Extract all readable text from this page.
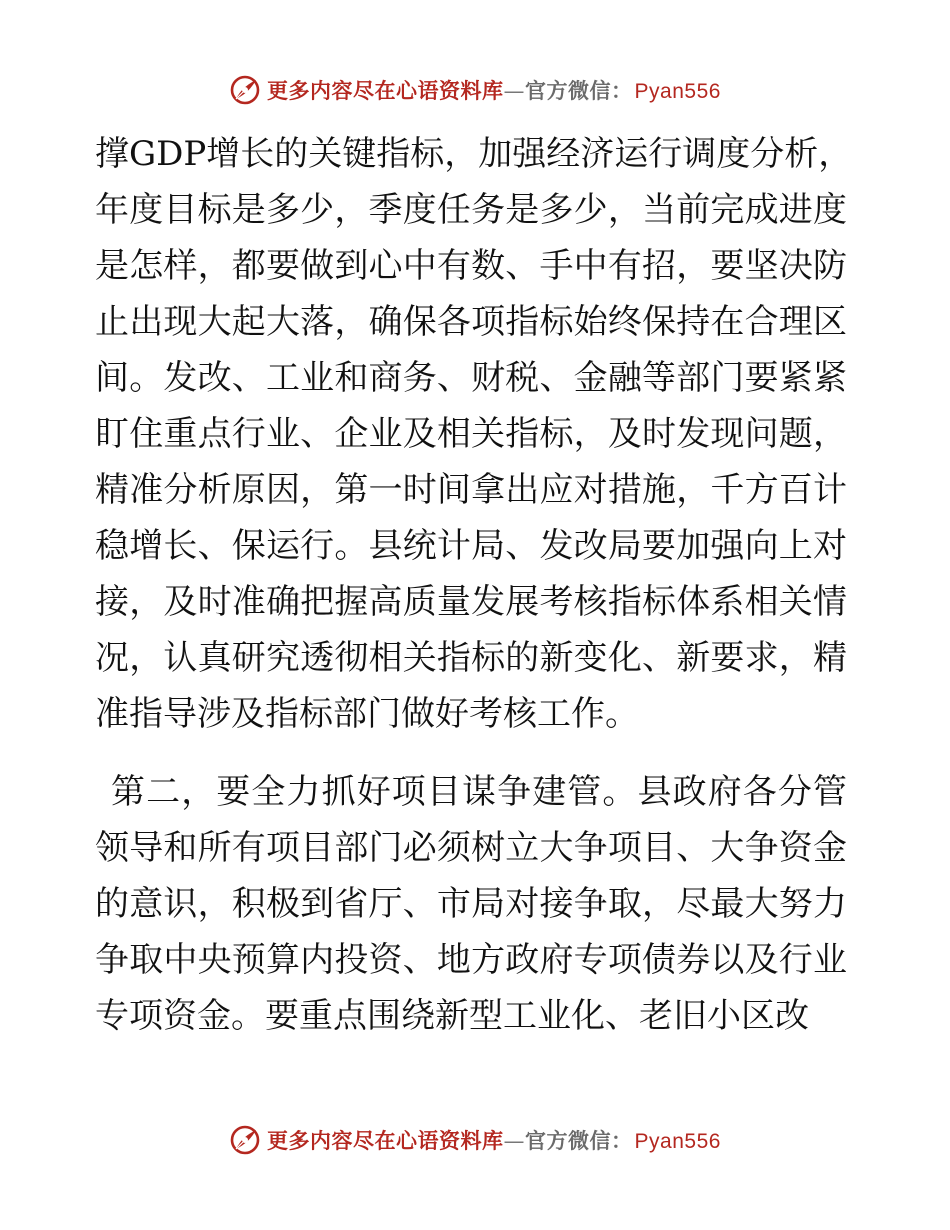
更多内容尽在心语资料库 — 官方微信： Pyan556
撑GDP增长的关键指标，加强经济运行调度分析，
年度目标是多少，季度任务是多少，当前完成进度
是怎样，都要做到心中有数、手中有招，要坚决防
止出现大起大落，确保各项指标始终保持在合理区
间。发改、工业和商务、财税、金融等部门要紧紧
盯住重点行业、企业及相关指标，及时发现问题，
精准分析原因，第一时间拿出应对措施，千方百计
稳增长、保运行。县统计局、发改局要加强向上对
接，及时准确把握高质量发展考核指标体系相关情
况，认真研究透彻相关指标的新变化、新要求，精
准指导涉及指标部门做好考核工作。
第二，要全力抓好项目谋争建管。县政府各分管
领导和所有项目部门必须树立大争项目、大争资金
的意识，积极到省厅、市局对接争取，尽最大努力
争取中央预算内投资、地方政府专项债券以及行业
专项资金。要重点围绕新型工业化、老旧小区改
更多内容尽在心语资料库 — 官方微信： Pyan556
